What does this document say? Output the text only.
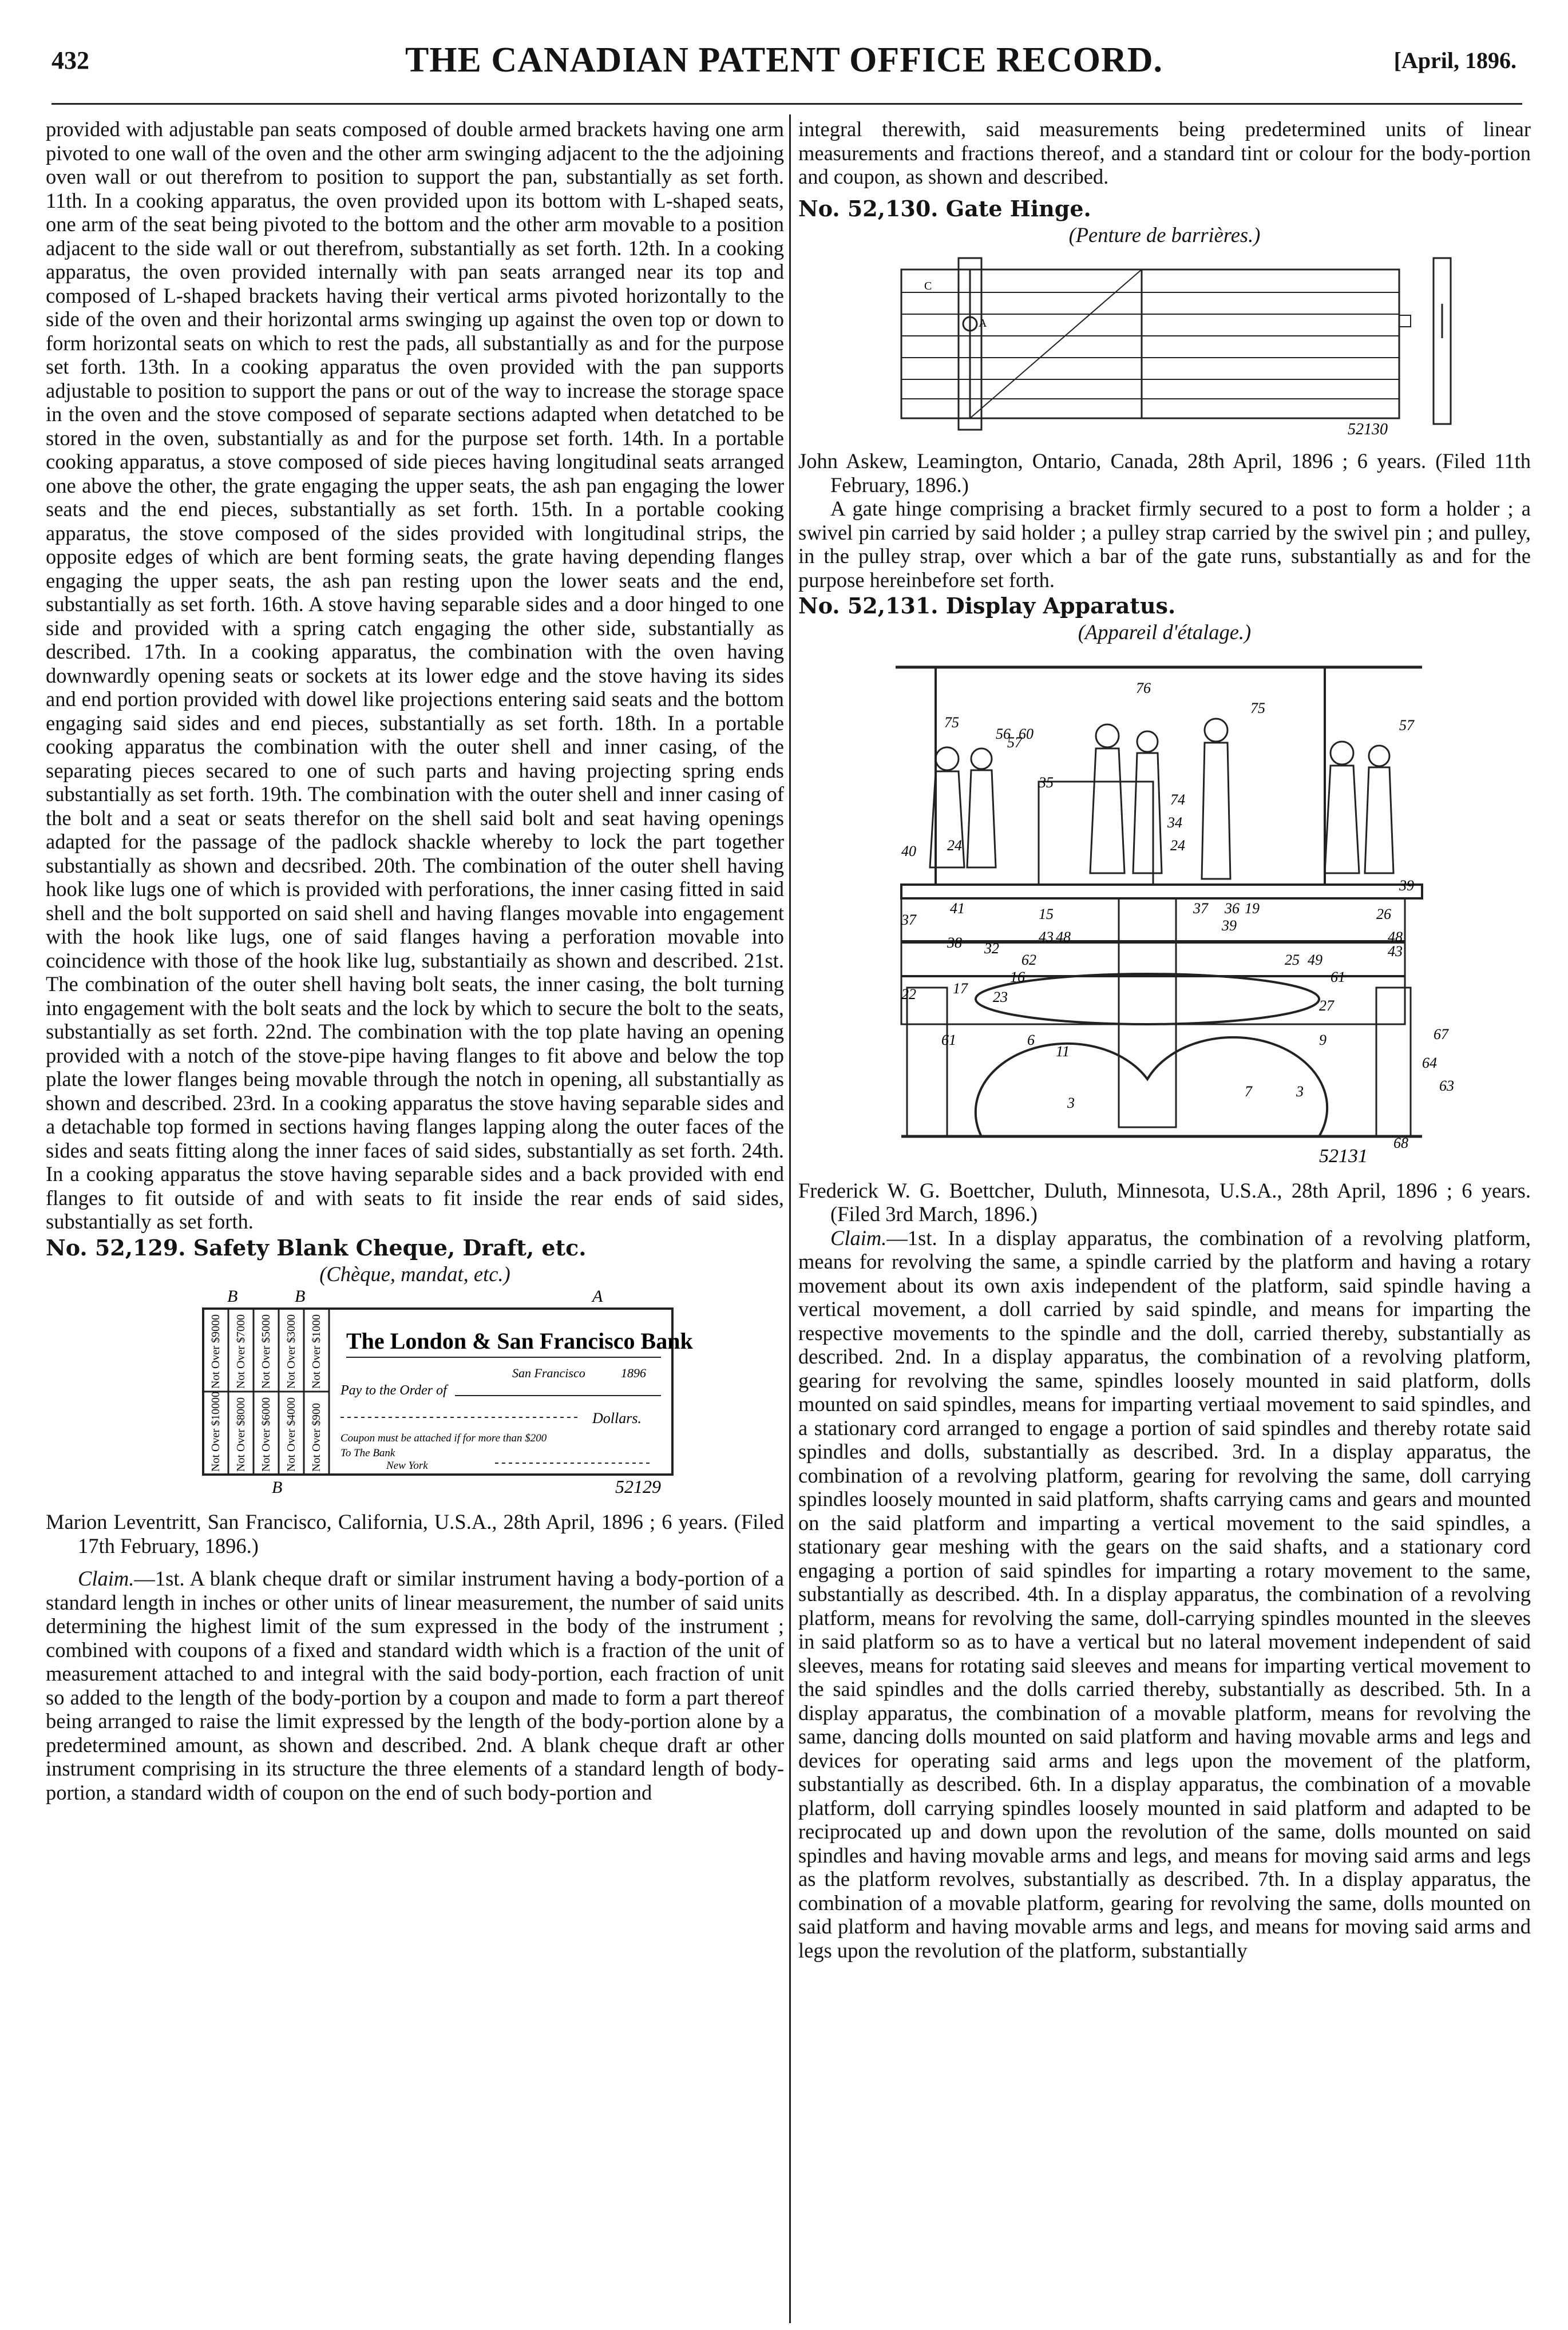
432	THE CANADIAN PATENT OFFICE RECORD.	[April, 1896.

provided with adjustable pan seats composed of double armed brackets having one arm pivoted to one wall of the oven and the other arm swinging adjacent to the the adjoining oven wall or out therefrom to position to support the pan, substantially as set forth. 11th. In a cooking apparatus, the oven provided upon its bottom with L-shaped seats, one arm of the seat being pivoted to the bottom and the other arm movable to a position adjacent to the side wall or out therefrom, substantially as set forth. 12th. In a cooking apparatus, the oven provided internally with pan seats arranged near its top and composed of L-shaped brackets having their vertical arms pivoted horizontally to the side of the oven and their horizontal arms swinging up against the oven top or down to form horizontal seats on which to rest the pads, all substantially as and for the purpose set forth. 13th. In a cooking apparatus the oven provided with the pan supports adjustable to position to support the pans or out of the way to increase the storage space in the oven and the stove composed of separate sections adapted when detatched to be stored in the oven, substantially as and for the purpose set forth. 14th. In a portable cooking apparatus, a stove composed of side pieces having longitudinal seats arranged one above the other, the grate engaging the upper seats, the ash pan engaging the lower seats and the end pieces, substantially as set forth. 15th. In a portable cooking apparatus, the stove composed of the sides provided with longitudinal strips, the opposite edges of which are bent forming seats, the grate having depending flanges engaging the upper seats, the ash pan resting upon the lower seats and the end, substantially as set forth. 16th. A stove having separable sides and a door hinged to one side and provided with a spring catch engaging the other side, substantially as described. 17th. In a cooking apparatus, the combination with the oven having downwardly opening seats or sockets at its lower edge and the stove having its sides and end portion provided with dowel like projections entering said seats and the bottom engaging said sides and end pieces, substantially as set forth. 18th. In a portable cooking apparatus the combination with the outer shell and inner casing, of the separating pieces secared to one of such parts and having projecting spring ends substantially as set forth. 19th. The combination with the outer shell and inner casing of the bolt and a seat or seats therefor on the shell said bolt and seat having openings adapted for the passage of the padlock shackle whereby to lock the part together substantially as shown and decsribed. 20th. The combination of the outer shell having hook like lugs one of which is provided with perforations, the inner casing fitted in said shell and the bolt supported on said shell and having flanges movable into engagement with the hook like lugs, one of said flanges having a perforation movable into coincidence with those of the hook like lug, substantiaily as shown and described. 21st. The combination of the outer shell having bolt seats, the inner casing, the bolt turning into engagement with the bolt seats and the lock by which to secure the bolt to the seats, substantially as set forth. 22nd. The combination with the top plate having an opening provided with a notch of the stove-pipe having flanges to fit above and below the top plate the lower flanges being movable through the notch in opening, all substantially as shown and described. 23rd. In a cooking apparatus the stove having separable sides and a detachable top formed in sections having flanges lapping along the outer faces of the sides and seats fitting along the inner faces of said sides, substantially as set forth. 24th. In a cooking apparatus the stove having separable sides and a back provided with end flanges to fit outside of and with seats to fit inside the rear ends of said sides, substantially as set forth.

No. 52,129. Safety Blank Cheque, Draft, etc.

(Chèque, mandat, etc.)

Not Over $9000 Not Over $7000 Not Over $5000 Not Over $3000 Not Over $1000
Not Over $10000 Not Over $8000 Not Over $6000 Not Over $4000 Not Over $900
The London & San Francisco Bank
San Francisco	1896
Pay to the Order of
Dollars.
Coupon must be attached if for more than $200
To The Bank
New York
B	B	A
B	52129

Marion Leventritt, San Francisco, California, U.S.A., 28th April, 1896 ; 6 years. (Filed 17th February, 1896.)

Claim.—1st. A blank cheque draft or similar instrument having a body-portion of a standard length in inches or other units of linear measurement, the number of said units determining the highest limit of the sum expressed in the body of the instrument ; combined with coupons of a fixed and standard width which is a fraction of the unit of measurement attached to and integral with the said body-portion, each fraction of unit so added to the length of the body-portion by a coupon and made to form a part thereof being arranged to raise the limit expressed by the length of the body-portion alone by a predetermined amount, as shown and described. 2nd. A blank cheque draft ar other instrument comprising in its structure the three elements of a standard length of body-portion, a standard width of coupon on the end of such body-portion and

integral therewith, said measurements being predetermined units of linear measurements and fractions thereof, and a standard tint or colour for the body-portion and coupon, as shown and described.

No. 52,130. Gate Hinge.

(Penture de barrières.)

A
C
52130

John Askew, Leamington, Ontario, Canada, 28th April, 1896 ; 6 years. (Filed 11th February, 1896.)

A gate hinge comprising a bracket firmly secured to a post to form a holder ; a swivel pin carried by said holder ; a pulley strap carried by the swivel pin ; and pulley, in the pulley strap, over which a bar of the gate runs, substantially as and for the purpose hereinbefore set forth.

No. 52,131. Display Apparatus.

(Appareil d'étalage.)

76
75
75	57
56 60
57
35
74
34
24	24
40
39
41
37
37
15	36 19
39
26
43 48
43
48
38 32
62
16
17
22	23
25 49
61
6
11
3
7	3
9	67
64
63
68
61
27
52131

Frederick W. G. Boettcher, Duluth, Minnesota, U.S.A., 28th April, 1896 ; 6 years. (Filed 3rd March, 1896.)

Claim.—1st. In a display apparatus, the combination of a revolving platform, means for revolving the same, a spindle carried by the platform and having a rotary movement about its own axis independent of the platform, said spindle having a vertical movement, a doll carried by said spindle, and means for imparting the respective movements to the spindle and the doll, carried thereby, substantially as described. 2nd. In a display apparatus, the combination of a revolving platform, gearing for revolving the same, spindles loosely mounted in said platform, dolls mounted on said spindles, means for imparting vertiaal movement to said spindles, and a stationary cord arranged to engage a portion of said spindles and thereby rotate said spindles and dolls, substantially as described. 3rd. In a display apparatus, the combination of a revolving platform, gearing for revolving the same, doll carrying spindles loosely mounted in said platform, shafts carrying cams and gears and mounted on the said platform and imparting a vertical movement to the said spindles, a stationary gear meshing with the gears on the said shafts, and a stationary cord engaging a portion of said spindles for imparting a rotary movement to the same, substantially as described. 4th. In a display apparatus, the combination of a revolving platform, means for revolving the same, doll-carrying spindles mounted in the sleeves in said platform so as to have a vertical but no lateral movement independent of said sleeves, means for rotating said sleeves and means for imparting vertical movement to the said spindles and the dolls carried thereby, substantially as described. 5th. In a display apparatus, the combination of a movable platform, means for revolving the same, dancing dolls mounted on said platform and having movable arms and legs and devices for operating said arms and legs upon the movement of the platform, substantially as described. 6th. In a display apparatus, the combination of a movable platform, doll carrying spindles loosely mounted in said platform and adapted to be reciprocated up and down upon the revolution of the same, dolls mounted on said spindles and having movable arms and legs, and means for moving said arms and legs as the platform revolves, substantially as described. 7th. In a display apparatus, the combination of a movable platform, gearing for revolving the same, dolls mounted on said platform and having movable arms and legs, and means for moving said arms and legs upon the revolution of the platform, substantially
